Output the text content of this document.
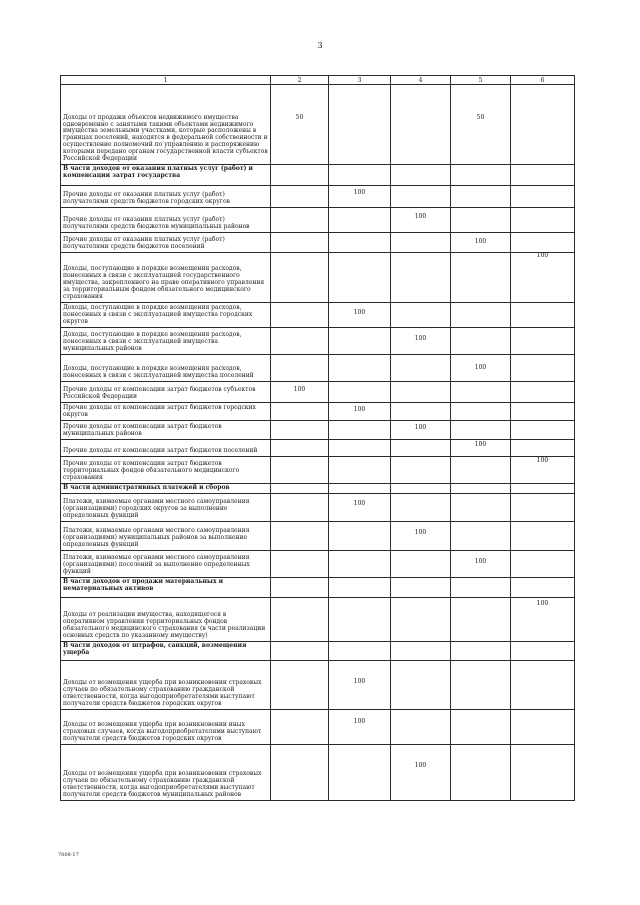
3
1	2	3	4	5	6
Доходы от продажи объектов недвижимого имущества одновременно с занятыми такими объектами недвижимого имущества земельными участками, которые расположены в границах поселений, находятся в федеральной собственности и осуществление полномочий по управлению и распоряжению которыми передано органам государственной власти субъектов Российской Федерации	50			50	

В части доходов от оказания платных услуг (работ) и компенсации затрат государства	

Прочие доходы от оказания платных услуг (работ) получателями средств бюджетов городских округов		100			

Прочие доходы от оказания платных услуг (работ) получателями средств бюджетов муниципальных районов			100		

Прочие доходы от оказания платных услуг (работ) получателями средств бюджетов поселений				100	

Доходы, поступающие в порядке возмещения расходов, понесенных в связи с эксплуатацией государственного имущества, закрепленного на праве оперативного управления за территориальным фондом обязательного медицинского страхования					100

Доходы, поступающие в порядке возмещения расходов, понесенных в связи с эксплуатацией имущества городских округов		100			

Доходы, поступающие в порядке возмещения расходов, понесенных в связи с эксплуатацией имущества муниципальных районов			100		

Доходы, поступающие в порядке возмещения расходов, понесенных в связи с эксплуатацией имущества поселений				100	

Прочие доходы от компенсации затрат бюджетов субъектов Российской Федерации	100				

Прочие доходы от компенсации затрат бюджетов городских округов		100			

Прочие доходы от компенсации затрат бюджетов муниципальных районов			100		

Прочие доходы от компенсации затрат бюджетов поселений				100	

Прочие доходы от компенсации затрат бюджетов территориальных фондов обязательного медицинского страхования					100

В части административных платежей и сборов	

Платежи, взимаемые органами местного самоуправления (организациями) городских округов за выполнение определенных функций		100			

Платежи, взимаемые органами местного самоуправления (организациями) муниципальных районов за выполнение определенных функций			100		

Платежи, взимаемые органами местного самоуправления (организациями) поселений за выполнение определенных функций				100	

В части доходов от продажи материальных и нематериальных активов	

Доходы от реализации имущества, находящегося в оперативном управлении территориальных фондов обязательного медицинского страхования (в части реализации основных средств по указанному имуществу)					100

В части доходов от штрафов, санкций, возмещения ущерба	

Доходы от возмещения ущерба при возникновении страховых случаев по обязательному страхованию гражданской ответственности, когда выгодоприобретателями выступают получатели средств бюджетов городских округов		100			

Доходы от возмещения ущерба при возникновении иных страховых случаев, когда выгодоприобретателями выступают получатели средств бюджетов городских округов		100			

Доходы от возмещения ущерба при возникновении страховых случаев по обязательному страхованию гражданской ответственности, когда выгодоприобретателями выступают получатели средств бюджетов муниципальных районов			100		

7008-17
